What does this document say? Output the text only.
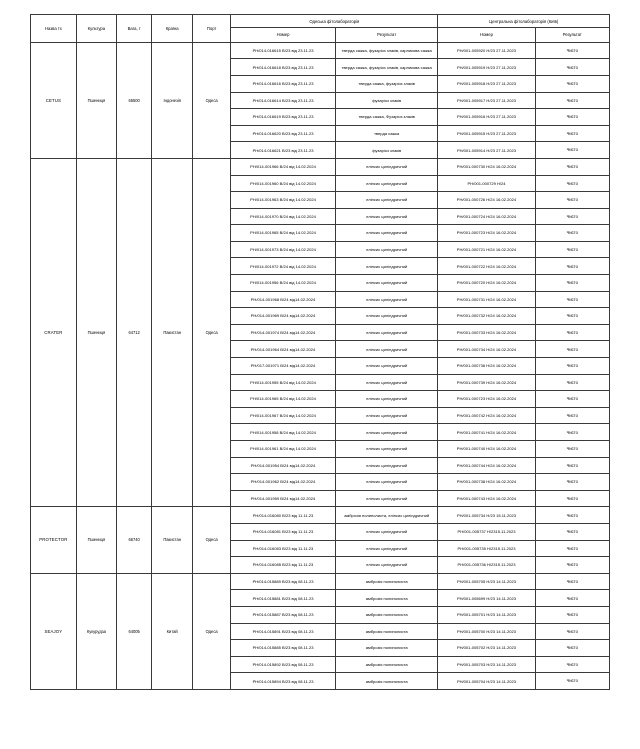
Назва тх	Культура	Вага, т	Країна	Порт	Одеська фітолабораторія		Центральна фітолабораторія (Київ)	
					Номер	Результат	Номер	Результат
CETUS	Пшениця	65500	Індонезія	Одеса	PH/014-016615 В/23 від 23.11.23	тверда сажка, фузаріоз злаків, карликова сажка	PH/001-005920 Н/23 27.11.2023	Чисто
					PH/014-016618 В/23 від 23.11.23	тверда сажка, фузаріоз злаків, карликова сажка	PH/001-005919 Н/23 27.11.2023	Чисто
					PH/014-016616 В/23 від 23.11.23	тверда сажка, фузаріоз злаків	PH/001-005918 Н/23 27.11.2023	Чисто
					PH/014-016614 В/23 від 23.11.23	фузаріоз злаків	PH/001-005917 Н/23 27.11.2023	Чисто
					PH/014-016619 В/23 від 23.11.23	тверда сажка, Фузаріоз злаків	PH/001-005916 Н/23 27.11.2023	Чисто
					PH/014-016620 В/23 від 23.11.23	тверда сажка	PH/001-005915 Н/23 27.11.2023	Чисто
					PH/014-016621 В/23 від 23.11.23	фузаріоз злаків	PH/001-005914 Н/23 27.11.2023	Чисто
CRATER	Пшениця	64712	Пакистан	Одеса	PH/014-001966 В/24 від 14.02.2024	еліпсис циліндричний	PH/001-000730 Н/24 16.02.2024	Чисто
					PH/014-001960 В/24 від 14.02.2024	еліпсис циліндричний	PH/001-000729 Н/24	Чисто
					PH/014-001963 В/24 від 14.02.2024	еліпсис циліндричний	PH/001-000726 Н/24 16.02.2024	Чисто
					PH/014-001970 В/24 від 14.02.2024	еліпсис циліндричний	PH/001-000724 Н/24 16.02.2024	Чисто
					PH/014-001965 В/24 від 14.02.2024	еліпсис циліндричний	PH/001-000723 Н/24 16.02.2024	Чисто
					PH/014-001973 В/24 від 14.02.2024	еліпсис циліндричний	PH/001-000721 Н/24 16.02.2024	Чисто
					PH/014-001972 В/24 від 14.02.2024	еліпсис циліндричний	PH/001-000722 Н/24 16.02.2024	Чисто
					PH/014-001956 В/24 від 14.02.2024	еліпсис циліндричний	PH/001-000720 Н/24 16.02.2024	Чисто
					PH/014-001968 В/24 від14.02.2024	еліпсис циліндричний	PH/001-000731 Н/24 16.02.2024	Чисто
					PH/014-001969 В/24 від14.02.2024	еліпсис циліндричний	PH/001-000732 Н/24 16.02.2024	Чисто
					PH/014-001974 В/24 від14.02.2024	еліпсис циліндричний	PH/001-000733 Н/24 16.02.2024	Чисто
					PH/014-001964 В/24 від14.02.2024	еліпсис циліндричний	PH/001-000734 Н/24 16.02.2024	Чисто
					PH/017-001971 В/24 від14.02.2024	еліпсис циліндричний	PH/001-000736 Н/24 16.02.2024	Чисто
					PH/014-001955 В/24 від 14.02.2024	еліпсис циліндричний	PH/001-000739 Н/24 16.02.2024	Чисто
					PH/014-001965 В/24 від 14.02.2024	еліпсис циліндричний	PH/001-000723 Н/24 16.02.2024	Чисто
					PH/014-001967 В/24 від 14.02.2024	еліпсис циліндричний	PH/001-000742 Н/24 16.02.2024	Чисто
					PH/014-001958 В/24 від 14.02.2024	еліпсис циліндричний	PH/001-000741 Н/24 16.02.2024	Чисто
					PH/014-001961 В/24 від 14.02.2024	еліпсис циліндричний	PH/001-000740 Н/24 16.02.2024	Чисто
					PH/014-001954 В/24 від14.02.2024	еліпсис циліндричний	PH/001-000744 Н/24 16.02.2024	Чисто
					PH/014-001962 В/24 від14.02.2024	еліпсис циліндричний	PH/001-000738 Н/24 16.02.2024	Чисто
					PH/014-001959 В/24 від14.02.2024	еліпсис циліндричний	PH/001-000743 Н/24 16.02.2024	Чисто
PROTECTOR	Пшениця	66740	Пакистан	Одеса	PH/014-016080 В/23 від 11.11.23	амброзія полинолиста, еліпсис циліндричний	PH/001-005734 Н/23 15.11.2023	Чисто
					PH/014-016081 В/23 від 11.11.23	еліпсис циліндричний	PH/001-005737 Н/2315.11.2023	Чисто
					PH/014-016083 В/23 від 11.11.23	еліпсис циліндричний	PH/001-005735 Н/2315.11.2023	Чисто
					PH/014-016085 В/23 від 11.11.23	еліпсис циліндричний	PH/001-005736 Н/2315.11.2023	Чисто
SEAJOY	Кукурудза	64005	Китай	Одеса	PH/014-015889 В/23 від 08.11.23	амброзія полинолиста	PH/001-005705 Н/23 14.11.2023	Чисто
					PH/014-015881 В/23 від 08.11.23	амброзія полинолиста	PH/001-005699 Н/23 14.11.2023	Чисто
					PH/014-015887 В/23 від 08.11.23	амброзія полинолиста	PH/001-005701 Н/23 14.11.2023	Чисто
					PH/014-015891 В/23 від 08.11.23	амброзія полинолиста	PH/001-005700 Н/23 14.11.2023	Чисто
					PH/014-015885 В/23 від 08.11.23	амброзія полинолиста	PH/001-005702 Н/23 14.11.2023	Чисто
					PH/014-015892 В/23 від 08.11.23	амброзія полинолиста	PH/001-005703 Н/23 14.11.2023	Чисто
					PH/014-015894 В/23 від 08.11.23	амброзія полинолиста	PH/001-005704 Н/23 14.11.2023	Чисто
